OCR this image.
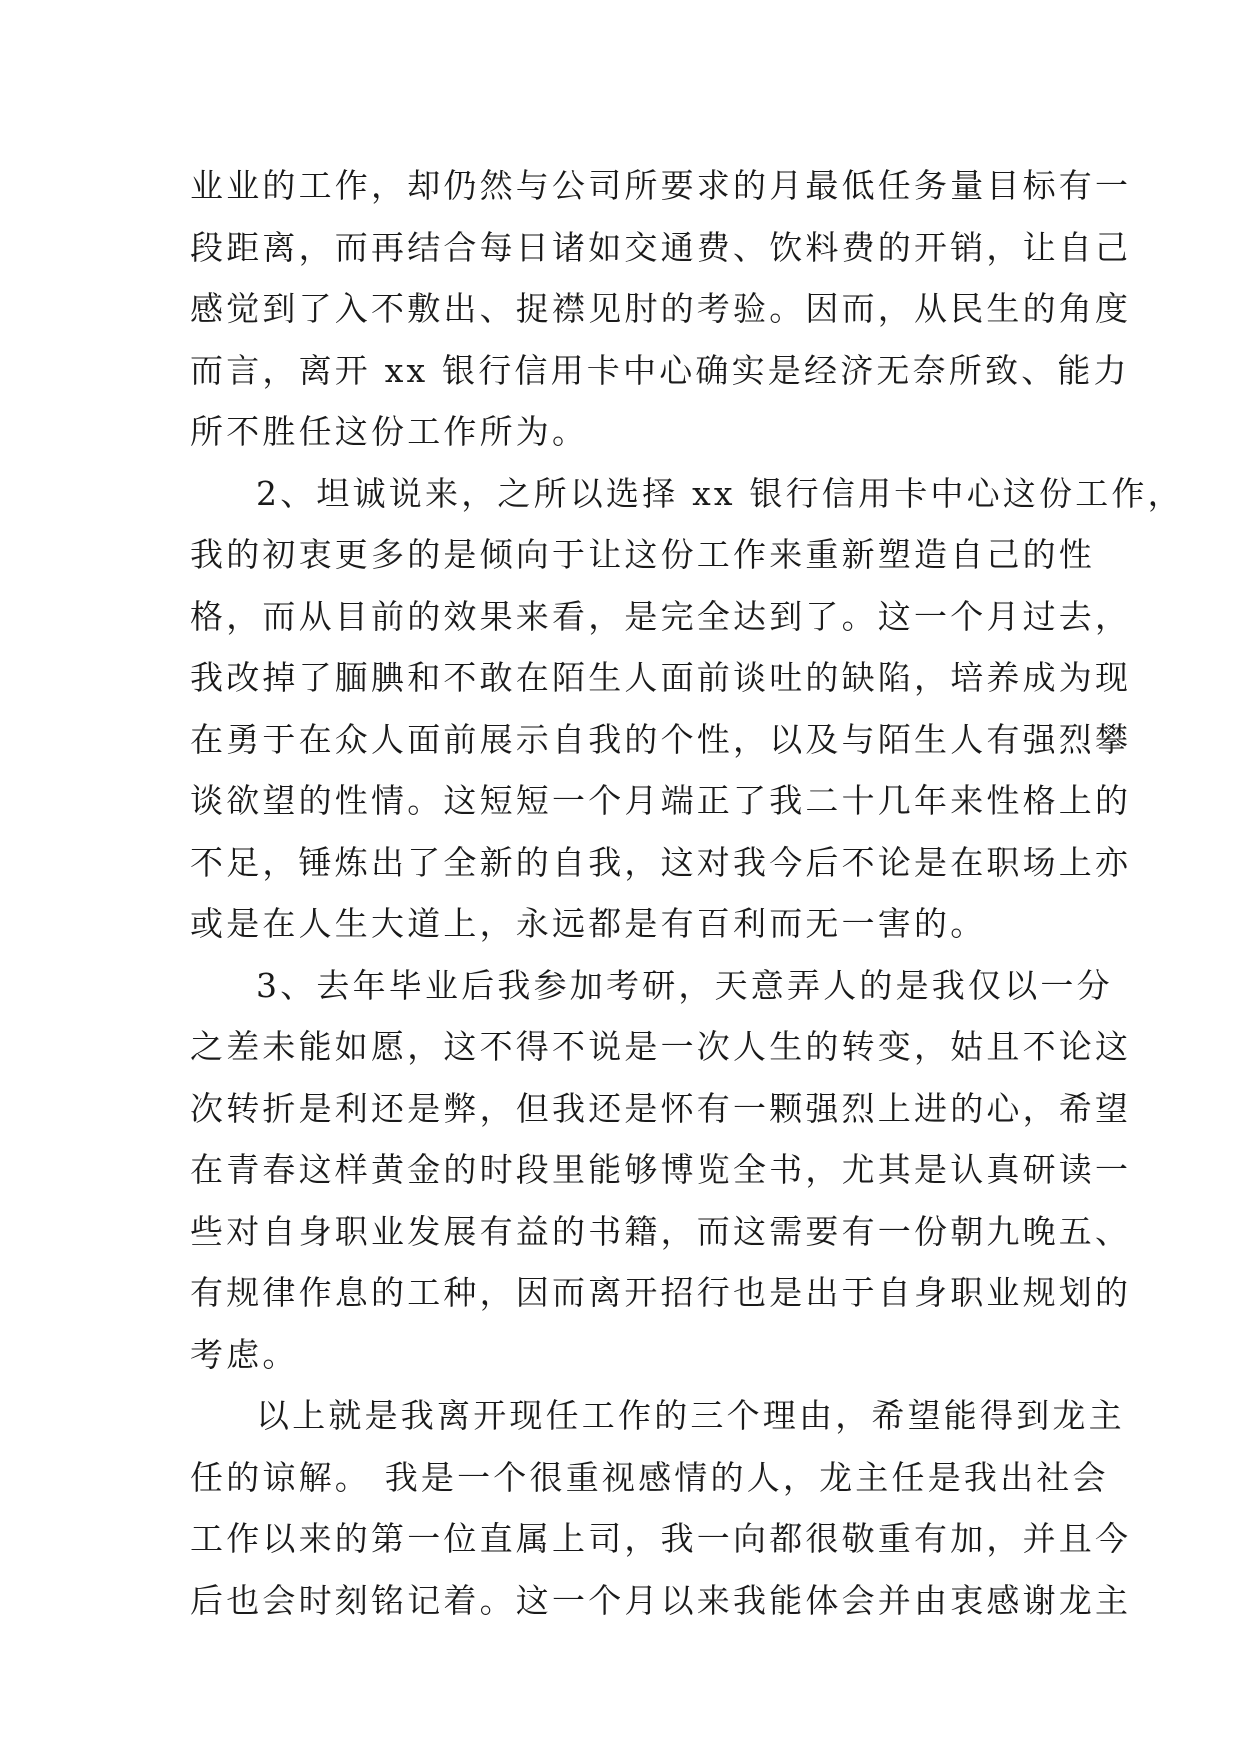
业业的工作，却仍然与公司所要求的月最低任务量目标有一
段距离，而再结合每日诸如交通费、饮料费的开销，让自己
感觉到了入不敷出、捉襟见肘的考验。因而，从民生的角度
而言，离开 xx 银行信用卡中心确实是经济无奈所致、能力
所不胜任这份工作所为。
2、坦诚说来，之所以选择 xx 银行信用卡中心这份工作，
我的初衷更多的是倾向于让这份工作来重新塑造自己的性
格，而从目前的效果来看，是完全达到了。这一个月过去，
我改掉了腼腆和不敢在陌生人面前谈吐的缺陷，培养成为现
在勇于在众人面前展示自我的个性，以及与陌生人有强烈攀
谈欲望的性情。这短短一个月端正了我二十几年来性格上的
不足，锤炼出了全新的自我，这对我今后不论是在职场上亦
或是在人生大道上，永远都是有百利而无一害的。
3、去年毕业后我参加考研，天意弄人的是我仅以一分
之差未能如愿，这不得不说是一次人生的转变，姑且不论这
次转折是利还是弊，但我还是怀有一颗强烈上进的心，希望
在青春这样黄金的时段里能够博览全书，尤其是认真研读一
些对自身职业发展有益的书籍，而这需要有一份朝九晚五、
有规律作息的工种，因而离开招行也是出于自身职业规划的
考虑。
以上就是我离开现任工作的三个理由，希望能得到龙主
任的谅解。 我是一个很重视感情的人，龙主任是我出社会
工作以来的第一位直属上司，我一向都很敬重有加，并且今
后也会时刻铭记着。这一个月以来我能体会并由衷感谢龙主
